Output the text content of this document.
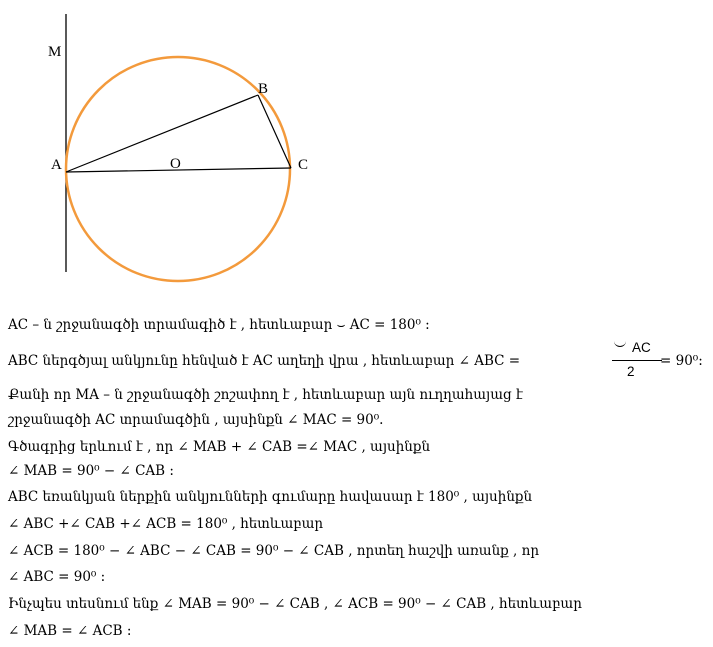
M
A	O
B
C
AC – ն շրջանագծի տրամագիծ է , հետևաբար ⌣ AC = 180⁰ :
ABC ներգծյալ անկյունը հենված է AC աղեղի վրա , հետևաբար ∠ ABC =
AC
2
= 90⁰:
Քանի որ MA – ն շրջանագծի շոշափող է , հետևաբար այն ուղղահայաց է
շրջանագծի AC տրամագծին , այսինքն ∠ MAC = 90⁰.
Գծագրից երևում է , որ ∠ MAB + ∠ CAB =∠ MAC , այսինքն
∠ MAB = 90⁰ − ∠ CAB :
ABC եռանկյան ներքին անկյունների գումարը հավասար է 180⁰ , այսինքն
∠ ABC +∠ CAB +∠ ACB = 180⁰ , հետևաբար
∠ ACB = 180⁰ − ∠ ABC − ∠ CAB = 90⁰ − ∠ CAB , որտեղ հաշվի առանք , որ
∠ ABC = 90⁰ :
Ինչպես տեսնում ենք ∠ MAB = 90⁰ − ∠ CAB , ∠ ACB = 90⁰ − ∠ CAB , հետևաբար
∠ MAB = ∠ ACB :
